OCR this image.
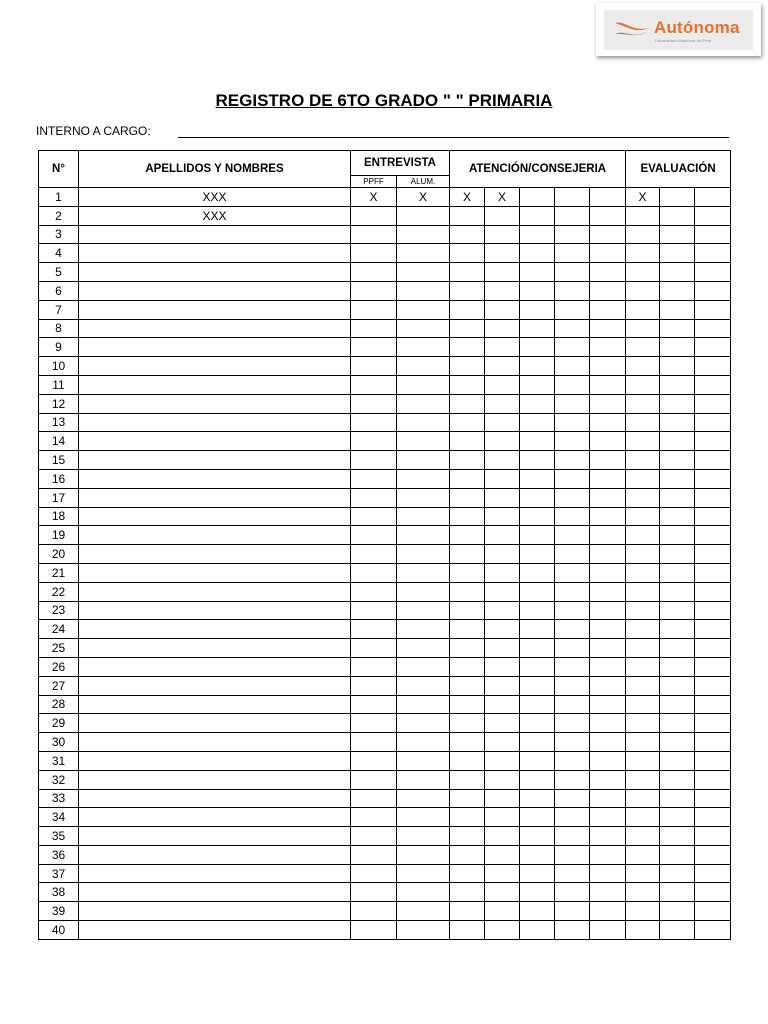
Autónoma
Universidad Autónoma del Perú
REGISTRO DE 6TO GRADO " " PRIMARIA
INTERNO A CARGO:
N°	APELLIDOS Y NOMBRES	ENTREVISTA		ATENCIÓN/CONSEJERIA					EVALUACIÓN		
		PPFF	ALUM.								
1	XXX	X	X	X	X				X		
2	XXX										
3											
4											
5											
6											
7											
8											
9											
10											
11											
12											
13											
14											
15											
16											
17											
18											
19											
20											
21											
22											
23											
24											
25											
26											
27											
28											
29											
30											
31											
32											
33											
34											
35											
36											
37											
38											
39											
40											
